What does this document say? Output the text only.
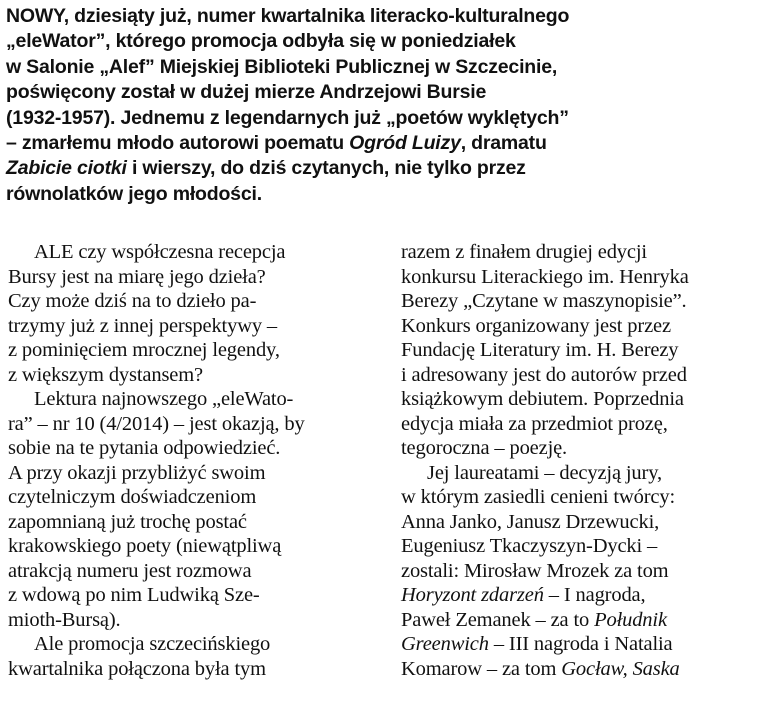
NOWY, dziesiąty już, numer kwartalnika literacko-kulturalnego
„eleWator”, którego promocja odbyła się w poniedziałek
w Salonie „Alef” Miejskiej Biblioteki Publicznej w Szczecinie,
poświęcony został w dużej mierze Andrzejowi Bursie
(1932-1957). Jednemu z legendarnych już „poetów wyklętych”
– zmarłemu młodo autorowi poematu Ogród Luizy, dramatu
Zabicie ciotki i wierszy, do dziś czytanych, nie tylko przez
równolatków jego młodości.
ALE czy współczesna recepcja
Bursy jest na miarę jego dzieła?
Czy może dziś na to dzieło pa-
trzymy już z innej perspektywy –
z pominięciem mrocznej legendy,
z większym dystansem?
Lektura najnowszego „eleWato-
ra” – nr 10 (4/2014) – jest okazją, by
sobie na te pytania odpowiedzieć.
A przy okazji przybliżyć swoim
czytelniczym doświadczeniom
zapomnianą już trochę postać
krakowskiego poety (niewątpliwą
atrakcją numeru jest rozmowa
z wdową po nim Ludwiką Sze-
mioth-Bursą).
Ale promocja szczecińskiego
kwartalnika połączona była tym
razem z finałem drugiej edycji
konkursu Literackiego im. Henryka
Berezy „Czytane w maszynopisie”.
Konkurs organizowany jest przez
Fundację Literatury im. H. Berezy
i adresowany jest do autorów przed
książkowym debiutem. Poprzednia
edycja miała za przedmiot prozę,
tegoroczna – poezję.
Jej laureatami – decyzją jury,
w którym zasiedli cenieni twórcy:
Anna Janko, Janusz Drzewucki,
Eugeniusz Tkaczyszyn-Dycki –
zostali: Mirosław Mrozek za tom
Horyzont zdarzeń – I nagroda,
Paweł Zemanek – za to Południk
Greenwich – III nagroda i Natalia
Komarow – za tom Gocław, Saska
